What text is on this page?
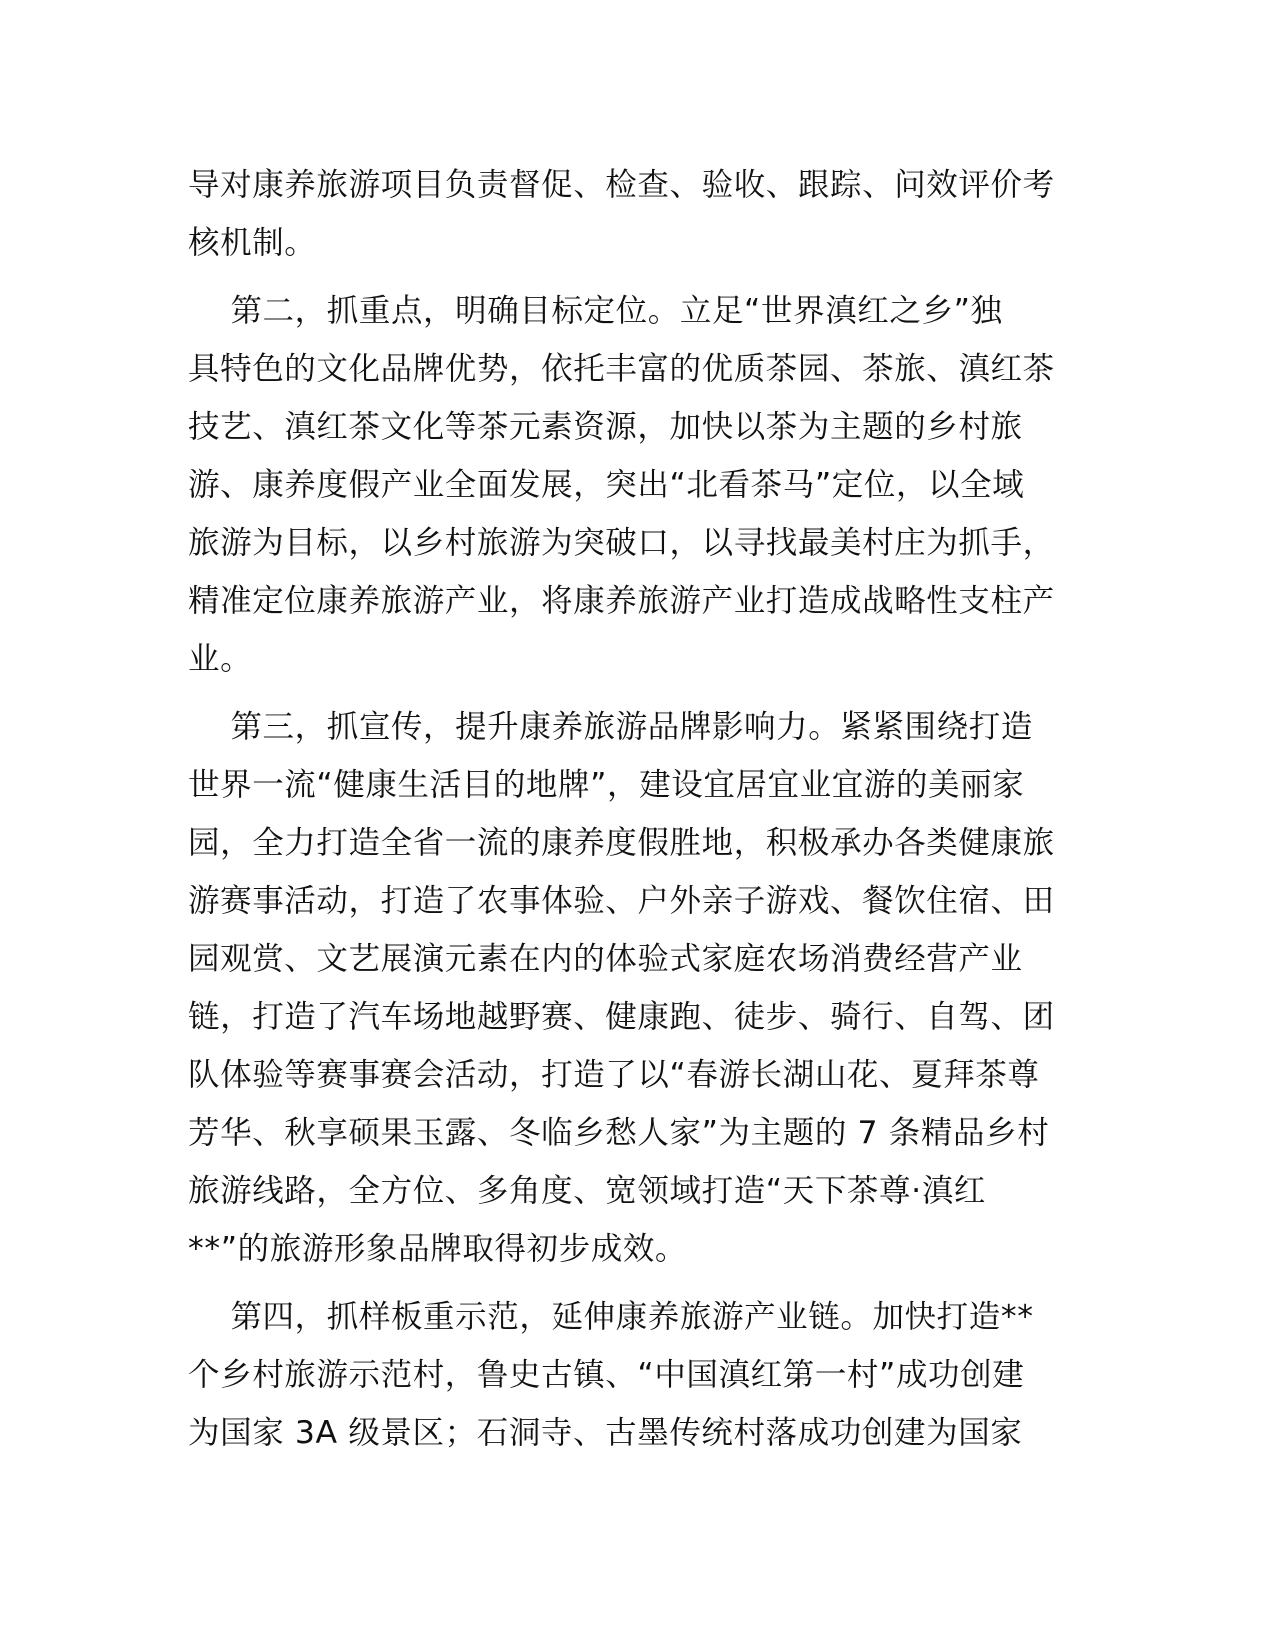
导对康养旅游项目负责督促、检查、验收、跟踪、问效评价考
核机制。
第二，抓重点，明确目标定位。立足“世界滇红之乡”独
具特色的文化品牌优势，依托丰富的优质茶园、茶旅、滇红茶
技艺、滇红茶文化等茶元素资源，加快以茶为主题的乡村旅
游、康养度假产业全面发展，突出“北看茶马”定位，以全域
旅游为目标，以乡村旅游为突破口，以寻找最美村庄为抓手，
精准定位康养旅游产业，将康养旅游产业打造成战略性支柱产
业。
第三，抓宣传，提升康养旅游品牌影响力。紧紧围绕打造
世界一流“健康生活目的地牌”，建设宜居宜业宜游的美丽家
园，全力打造全省一流的康养度假胜地，积极承办各类健康旅
游赛事活动，打造了农事体验、户外亲子游戏、餐饮住宿、田
园观赏、文艺展演元素在内的体验式家庭农场消费经营产业
链，打造了汽车场地越野赛、健康跑、徒步、骑行、自驾、团
队体验等赛事赛会活动，打造了以“春游长湖山花、夏拜茶尊
芳华、秋享硕果玉露、冬临乡愁人家”为主题的 7 条精品乡村
旅游线路，全方位、多角度、宽领域打造“天下茶尊·滇红
**”的旅游形象品牌取得初步成效。
第四，抓样板重示范，延伸康养旅游产业链。加快打造**
个乡村旅游示范村，鲁史古镇、“中国滇红第一村”成功创建
为国家 3A 级景区；石洞寺、古墨传统村落成功创建为国家
